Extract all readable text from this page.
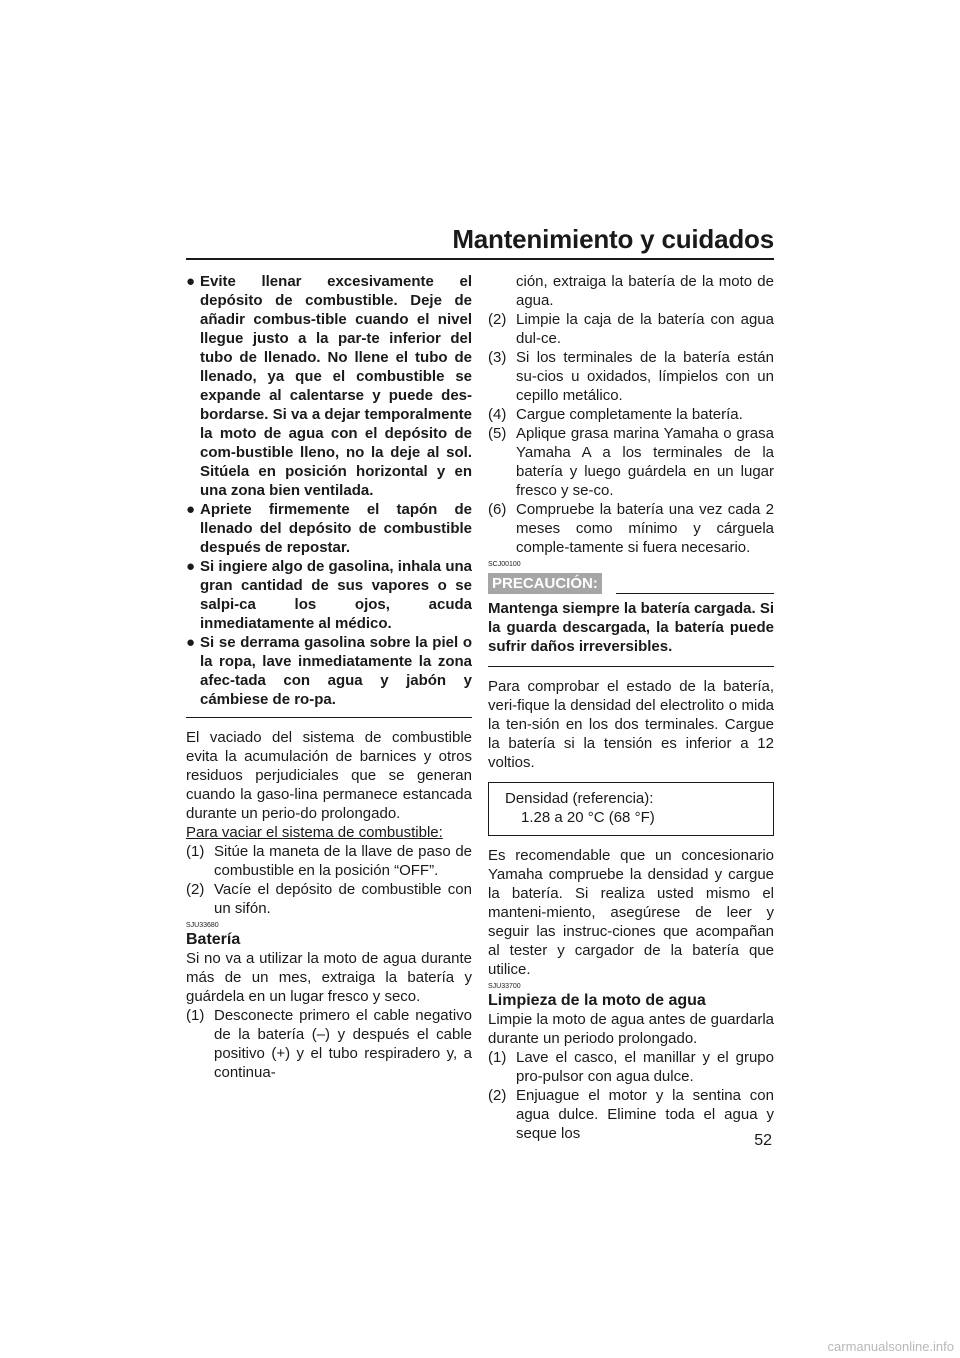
Mantenimiento y cuidados
● Evite llenar excesivamente el depósito de combustible. Deje de añadir combus-tible cuando el nivel llegue justo a la par-te inferior del tubo de llenado. No llene el tubo de llenado, ya que el combustible se expande al calentarse y puede des-bordarse. Si va a dejar temporalmente la moto de agua con el depósito de com-bustible lleno, no la deje al sol. Sitúela en posición horizontal y en una zona bien ventilada.
● Apriete firmemente el tapón de llenado del depósito de combustible después de repostar.
● Si ingiere algo de gasolina, inhala una gran cantidad de sus vapores o se salpi-ca los ojos, acuda inmediatamente al médico.
● Si se derrama gasolina sobre la piel o la ropa, lave inmediatamente la zona afec-tada con agua y jabón y cámbiese de ro-pa.

El vaciado del sistema de combustible evita la acumulación de barnices y otros residuos perjudiciales que se generan cuando la gaso-lina permanece estancada durante un perio-do prolongado.

Para vaciar el sistema de combustible:

(1) Sitúe la maneta de la llave de paso de combustible en la posición “OFF”.
(2) Vacíe el depósito de combustible con un sifón.
SJU33680
Batería

Si no va a utilizar la moto de agua durante más de un mes, extraiga la batería y guárdela en un lugar fresco y seco.

(1) Desconecte primero el cable negativo de la batería (–) y después el cable positivo (+) y el tubo respiradero y, a continua-
ción, extraiga la batería de la moto de agua.
(2) Limpie la caja de la batería con agua dul-ce.
(3) Si los terminales de la batería están su-cios u oxidados, límpielos con un cepillo metálico.
(4) Cargue completamente la batería.
(5) Aplique grasa marina Yamaha o grasa Yamaha A a los terminales de la batería y luego guárdela en un lugar fresco y se-co.
(6) Compruebe la batería una vez cada 2 meses como mínimo y cárguela comple-tamente si fuera necesario.
SCJ00100
PRECAUCIÓN:

Mantenga siempre la batería cargada. Si la guarda descargada, la batería puede sufrir daños irreversibles.

Para comprobar el estado de la batería, veri-fique la densidad del electrolito o mida la ten-sión en los dos terminales. Cargue la batería si la tensión es inferior a 12 voltios.

Densidad (referencia):
1.28 a 20 °C (68 °F)

Es recomendable que un concesionario Yamaha compruebe la densidad y cargue la batería. Si realiza usted mismo el manteni-miento, asegúrese de leer y seguir las instruc-ciones que acompañan al tester y cargador de la batería que utilice.

SJU33700
Limpieza de la moto de agua

Limpie la moto de agua antes de guardarla durante un periodo prolongado.

(1) Lave el casco, el manillar y el grupo pro-pulsor con agua dulce.
(2) Enjuague el motor y la sentina con agua dulce. Elimine toda el agua y seque los	52
carmanualsonline.info
